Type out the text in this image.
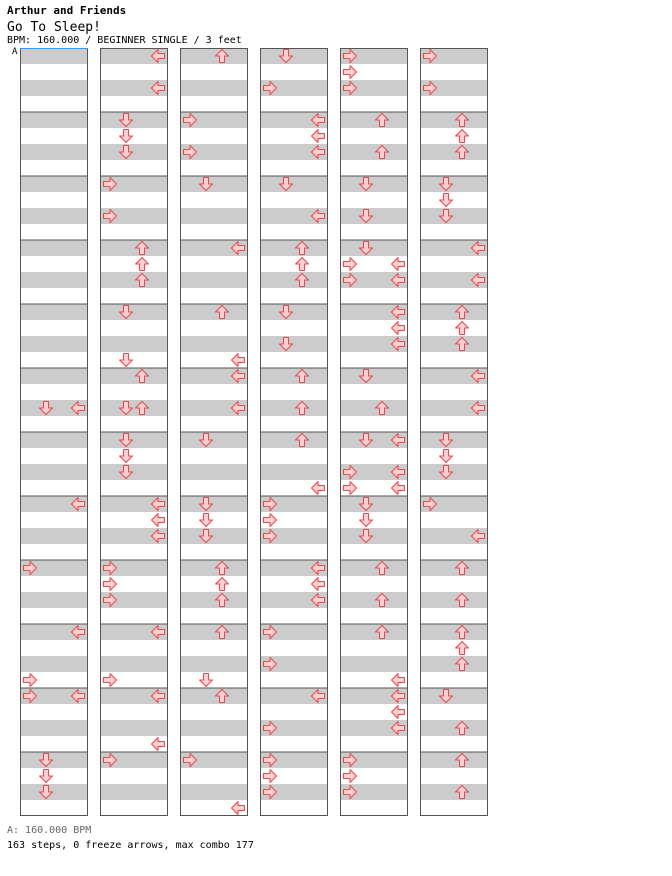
Arthur and Friends
Go To Sleep!
BPM: 160.000 / BEGINNER SINGLE / 3 feet
A
A: 160.000 BPM
163 steps, 0 freeze arrows, max combo 177
